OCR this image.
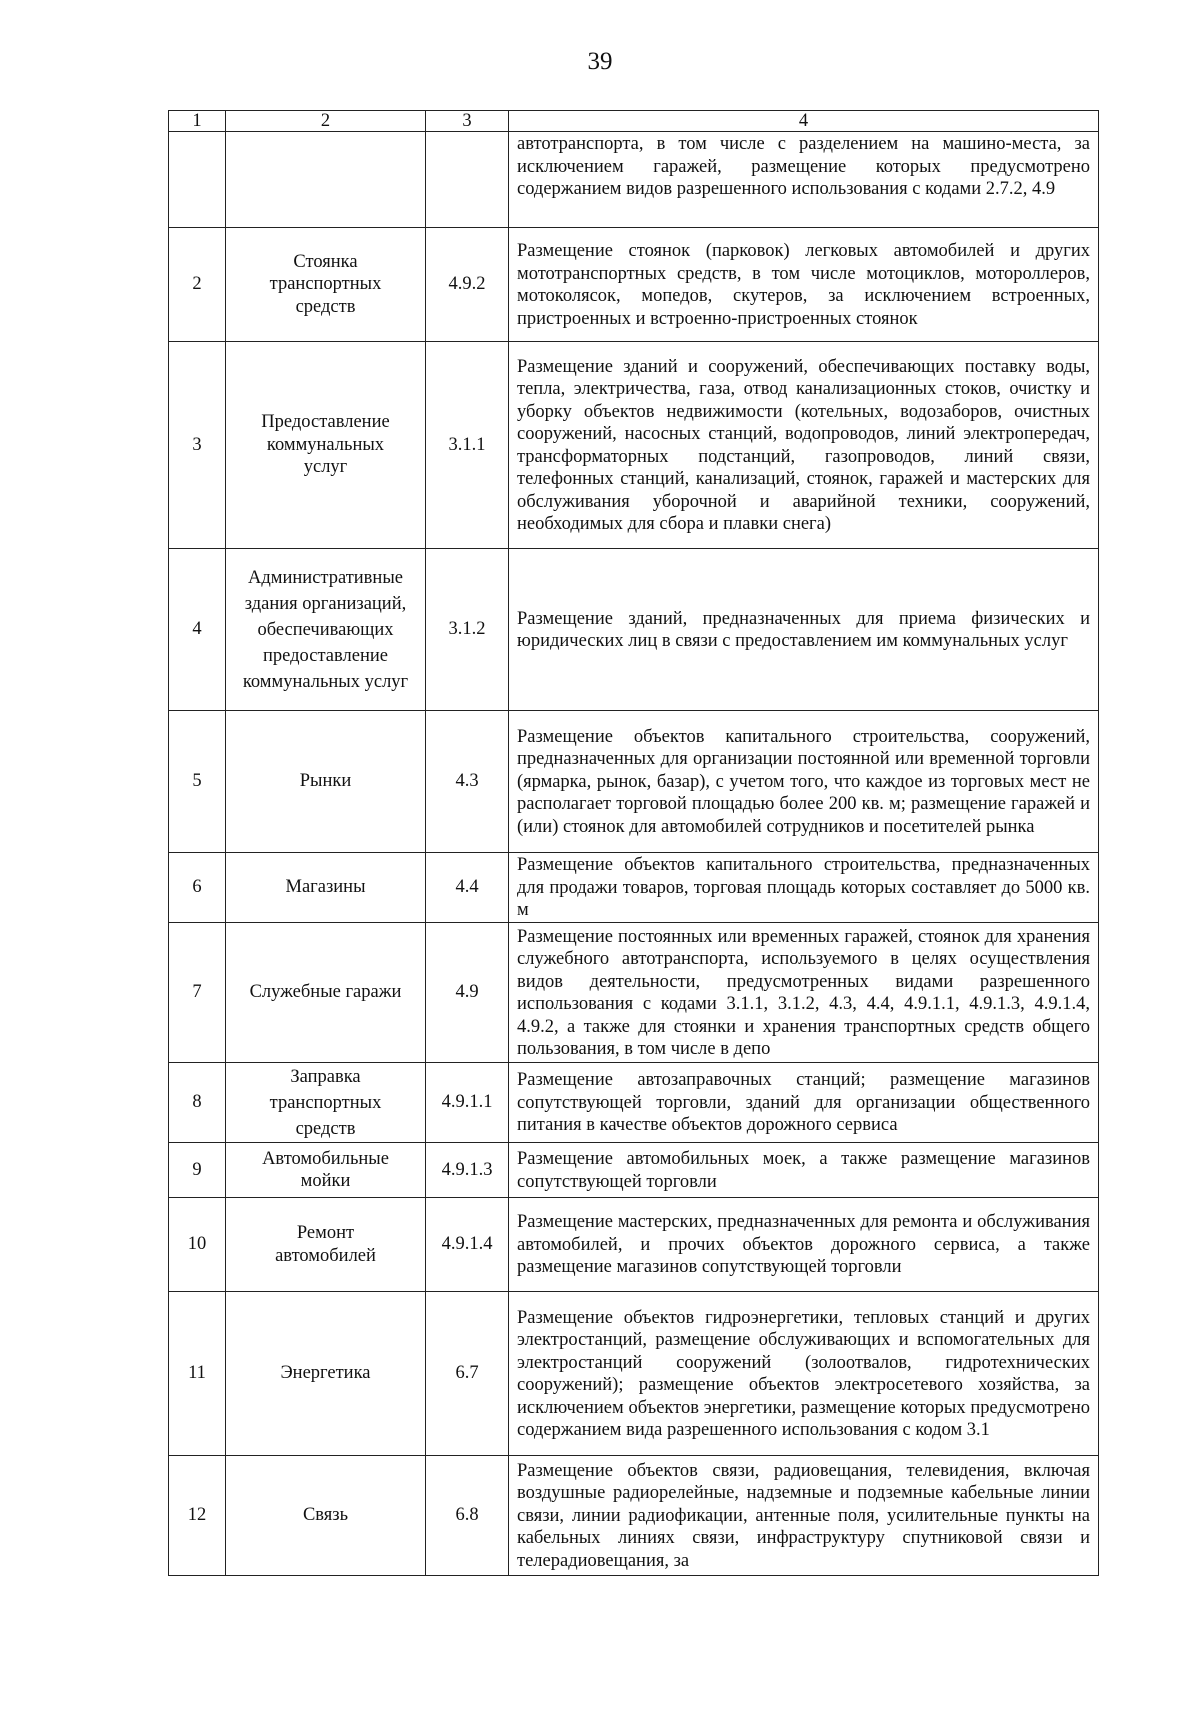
39
1	2	3	4
			автотранспорта, в том числе с разделением на машино-места, за исключением гаражей, размещение которых предусмотрено содержанием видов разрешенного использования с кодами 2.7.2, 4.9
2	Стоянка транспортных средств	4.9.2	Размещение стоянок (парковок) легковых автомобилей и других мототранспортных средств, в том числе мотоциклов, мотороллеров, мотоколясок, мопедов, скутеров, за исключением встроенных, пристроенных и встроенно-пристроенных стоянок
3	Предоставление коммунальных услуг	3.1.1	Размещение зданий и сооружений, обеспечивающих поставку воды, тепла, электричества, газа, отвод канализационных стоков, очистку и уборку объектов недвижимости (котельных, водозаборов, очистных сооружений, насосных станций, водопроводов, линий электропередач, трансформаторных подстанций, газопроводов, линий связи, телефонных станций, канализаций, стоянок, гаражей и мастерских для обслуживания уборочной и аварийной техники, сооружений, необходимых для сбора и плавки снега)
4	Административные здания организаций, обеспечивающих предоставление коммунальных услуг	3.1.2	Размещение зданий, предназначенных для приема физических и юридических лиц в связи с предоставлением им коммунальных услуг
5	Рынки	4.3	Размещение объектов капитального строительства, сооружений, предназначенных для организации постоянной или временной торговли (ярмарка, рынок, базар), с учетом того, что каждое из торговых мест не располагает торговой площадью более 200 кв. м; размещение гаражей и (или) стоянок для автомобилей сотрудников и посетителей рынка
6	Магазины	4.4	Размещение объектов капитального строительства, предназначенных для продажи товаров, торговая площадь которых составляет до 5000 кв. м
7	Служебные гаражи	4.9	Размещение постоянных или временных гаражей, стоянок для хранения служебного автотранспорта, используемого в целях осуществления видов деятельности, предусмотренных видами разрешенного использования с кодами 3.1.1, 3.1.2, 4.3, 4.4, 4.9.1.1, 4.9.1.3, 4.9.1.4, 4.9.2, а также для стоянки и хранения транспортных средств общего пользования, в том числе в депо
8	Заправка транспортных средств	4.9.1.1	Размещение автозаправочных станций; размещение магазинов сопутствующей торговли, зданий для организации общественного питания в качестве объектов дорожного сервиса
9	Автомобильные мойки	4.9.1.3	Размещение автомобильных моек, а также размещение магазинов сопутствующей торговли
10	Ремонт автомобилей	4.9.1.4	Размещение мастерских, предназначенных для ремонта и обслуживания автомобилей, и прочих объектов дорожного сервиса, а также размещение магазинов сопутствующей торговли
11	Энергетика	6.7	Размещение объектов гидроэнергетики, тепловых станций и других электростанций, размещение обслуживающих и вспомогательных для электростанций сооружений (золоотвалов, гидротехнических сооружений); размещение объектов электросетевого хозяйства, за исключением объектов энергетики, размещение которых предусмотрено содержанием вида разрешенного использования с кодом 3.1
12	Связь	6.8	Размещение объектов связи, радиовещания, телевидения, включая воздушные радиорелейные, надземные и подземные кабельные линии связи, линии радиофикации, антенные поля, усилительные пункты на кабельных линиях связи, инфраструктуру спутниковой связи и телерадиовещания, за
